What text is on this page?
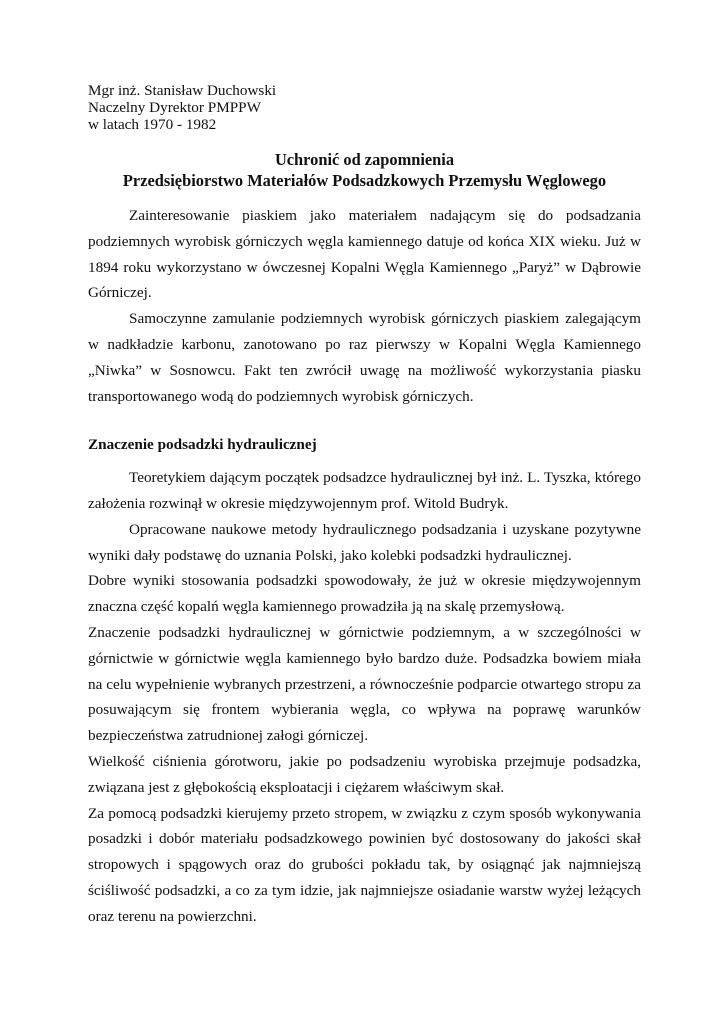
Mgr inż. Stanisław Duchowski
Naczelny Dyrektor PMPPW
w latach 1970 - 1982
Uchronić od zapomnienia
Przedsiębiorstwo Materiałów Podsadzkowych Przemysłu Węglowego

Zainteresowanie piaskiem jako materiałem nadającym się do podsadzania podziemnych wyrobisk górniczych węgla kamiennego datuje od końca XIX wieku. Już w 1894 roku wykorzystano w ówczesnej Kopalni Węgla Kamiennego „Paryż” w Dąbrowie Górniczej.

Samoczynne zamulanie podziemnych wyrobisk górniczych piaskiem zalegającym w nadkładzie karbonu, zanotowano po raz pierwszy w Kopalni Węgla Kamiennego „Niwka” w Sosnowcu. Fakt ten zwrócił uwagę na możliwość wykorzystania piasku transportowanego wodą do podziemnych wyrobisk górniczych.

Znaczenie podsadzki hydraulicznej

Teoretykiem dającym początek podsadzce hydraulicznej był inż. L. Tyszka, którego założenia rozwinął w okresie międzywojennym prof. Witold Budryk.

Opracowane naukowe metody hydraulicznego podsadzania i uzyskane pozytywne wyniki dały podstawę do uznania Polski, jako kolebki podsadzki hydraulicznej.

Dobre wyniki stosowania podsadzki spowodowały, że już w okresie międzywojennym znaczna część kopalń węgla kamiennego prowadziła ją na skalę przemysłową.

Znaczenie podsadzki hydraulicznej w górnictwie podziemnym, a w szczególności w górnictwie w górnictwie węgla kamiennego było bardzo duże. Podsadzka bowiem miała na celu wypełnienie wybranych przestrzeni, a równocześnie podparcie otwartego stropu za posuwającym się frontem wybierania węgla, co wpływa na poprawę warunków bezpieczeństwa zatrudnionej załogi górniczej.

Wielkość ciśnienia górotworu, jakie po podsadzeniu wyrobiska przejmuje podsadzka, związana jest z głębokością eksploatacji i ciężarem właściwym skał.

Za pomocą podsadzki kierujemy przeto stropem, w związku z czym sposób wykonywania posadzki i dobór materiału podsadzkowego powinien być dostosowany do jakości skał stropowych i spągowych oraz do grubości pokładu tak, by osiągnąć jak najmniejszą ściśliwość podsadzki, a co za tym idzie, jak najmniejsze osiadanie warstw wyżej leżących oraz terenu na powierzchni.
